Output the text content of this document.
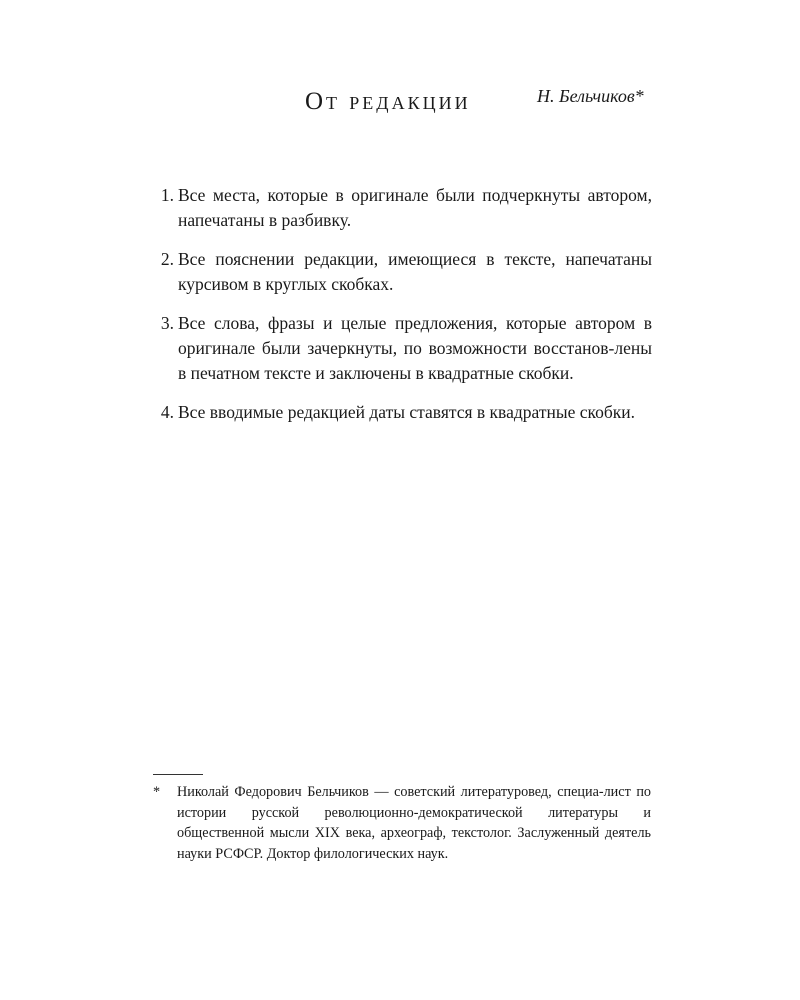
От редакции	Н. Бельчиков*
1. Все места, которые в оригинале были подчеркнуты автором, напечатаны в разбивку.
2. Все пояснении редакции, имеющиеся в тексте, напечатаны курсивом в круглых скобках.
3. Все слова, фразы и целые предложения, которые автором в оригинале были зачеркнуты, по возможности восстанов-лены в печатном тексте и заключены в квадратные скобки.
4. Все вводимые редакцией даты ставятся в квадратные скобки.
*	Николай Федорович Бельчиков — советский литературовед, специа-лист по истории русской революционно-демократической литературы и общественной мысли XIX века, археограф, текстолог. Заслуженный деятель науки РСФСР. Доктор филологических наук.
